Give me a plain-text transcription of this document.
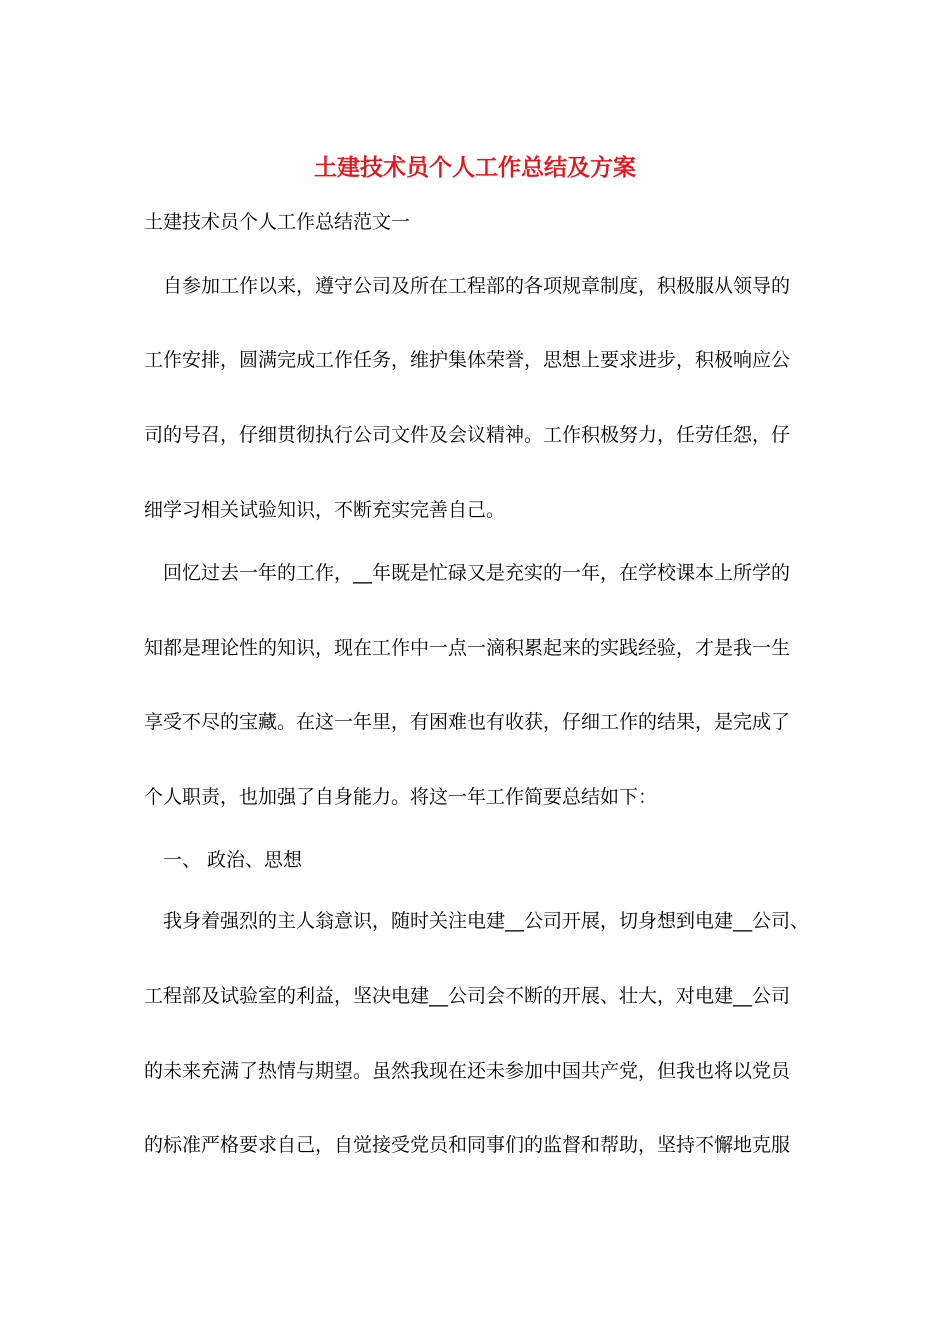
土建技术员个人工作总结及方案
土建技术员个人工作总结范文一
自参加工作以来，遵守公司及所在工程部的各项规章制度，积极服从领导的
工作安排，圆满完成工作任务，维护集体荣誉，思想上要求进步，积极响应公
司的号召，仔细贯彻执行公司文件及会议精神。工作积极努力，任劳任怨，仔
细学习相关试验知识，不断充实完善自己。
回忆过去一年的工作，__年既是忙碌又是充实的一年，在学校课本上所学的
知都是理论性的知识，现在工作中一点一滴积累起来的实践经验，才是我一生
享受不尽的宝藏。在这一年里，有困难也有收获，仔细工作的结果，是完成了
个人职责，也加强了自身能力。将这一年工作简要总结如下：
一、 政治、思想
我身着强烈的主人翁意识，随时关注电建__公司开展，切身想到电建__公司、
工程部及试验室的利益，坚决电建__公司会不断的开展、壮大，对电建__公司
的未来充满了热情与期望。虽然我现在还未参加中国共产党，但我也将以党员
的标准严格要求自己，自觉接受党员和同事们的监督和帮助，坚持不懈地克服
